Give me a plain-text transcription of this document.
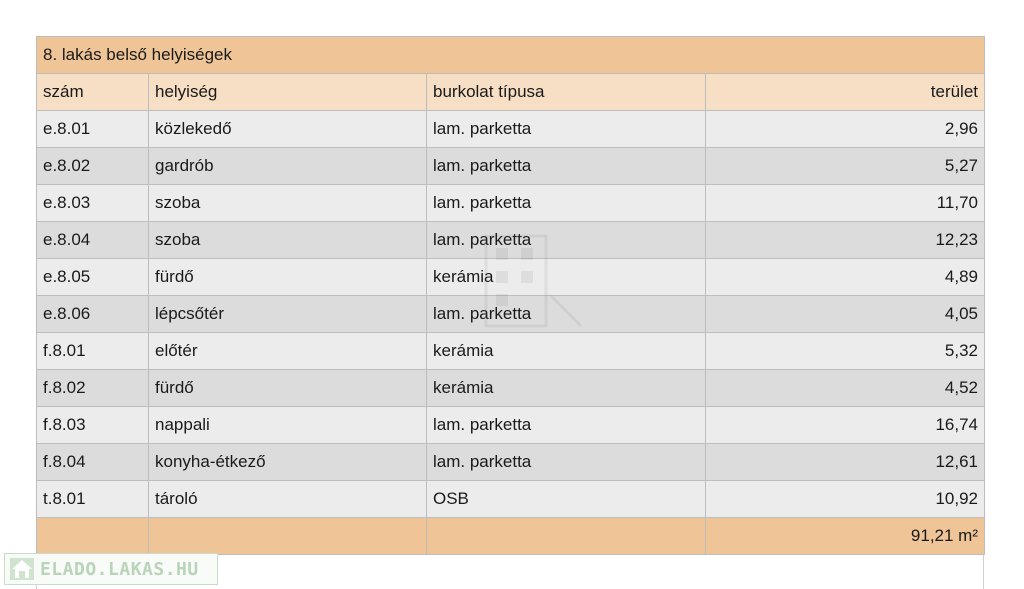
8. lakás belső helyiségek			
szám	helyiség	burkolat típusa	terület
e.8.01	közlekedő	lam. parketta	2,96
e.8.02	gardrób	lam. parketta	5,27
e.8.03	szoba	lam. parketta	11,70
e.8.04	szoba	lam. parketta	12,23
e.8.05	fürdő	kerámia	4,89
e.8.06	lépcsőtér	lam. parketta	4,05
f.8.01	előtér	kerámia	5,32
f.8.02	fürdő	kerámia	4,52
f.8.03	nappali	lam. parketta	16,74
f.8.04	konyha-étkező	lam. parketta	12,61
t.8.01	tároló	OSB	10,92
			91,21 m²
ELADO.LAKAS.HU
